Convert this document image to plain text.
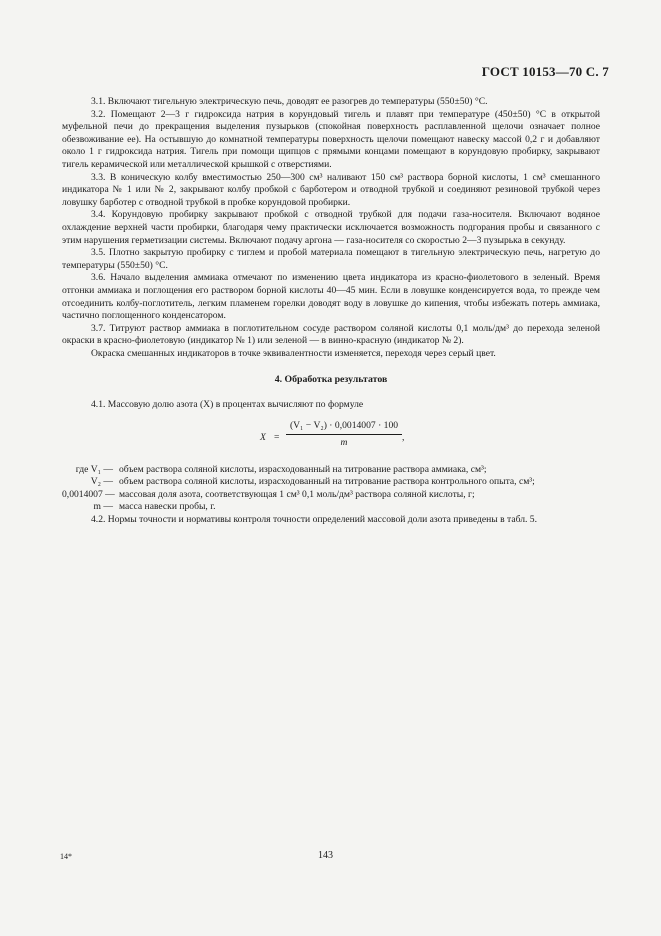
ГОСТ 10153—70 С. 7

3.1. Включают тигельную электрическую печь, доводят ее разогрев до температуры (550±50) °С.

3.2. Помещают 2—3 г гидроксида натрия в корундовый тигель и плавят при температуре (450±50) °С в открытой муфельной печи до прекращения выделения пузырьков (спокойная поверхность расплавленной щелочи означает полное обезвоживание ее). На остывшую до комнатной температуры поверхность щелочи помещают навеску массой 0,2 г и добавляют около 1 г гидроксида натрия. Тигель при помощи щипцов с прямыми концами помещают в корундовую пробирку, закрывают тигель керамической или металлической крышкой с отверстиями.

3.3. В коническую колбу вместимостью 250—300 см³ наливают 150 см³ раствора борной кислоты, 1 см³ смешанного индикатора № 1 или № 2, закрывают колбу пробкой с барботером и отводной трубкой и соединяют резиновой трубкой через ловушку барботер с отводной трубкой в пробке корундовой пробирки.

3.4. Корундовую пробирку закрывают пробкой с отводной трубкой для подачи газа-носителя. Включают водяное охлаждение верхней части пробирки, благодаря чему практически исключается возможность подгорания пробы и связанного с этим нарушения герметизации системы. Включают подачу аргона — газа-носителя со скоростью 2—3 пузырька в секунду.

3.5. Плотно закрытую пробирку с тиглем и пробой материала помещают в тигельную электрическую печь, нагретую до температуры (550±50) °С.

3.6. Начало выделения аммиака отмечают по изменению цвета индикатора из красно-фиолетового в зеленый. Время отгонки аммиака и поглощения его раствором борной кислоты 40—45 мин. Если в ловушке конденсируется вода, то прежде чем отсоединить колбу-поглотитель, легким пламенем горелки доводят воду в ловушке до кипения, чтобы избежать потерь аммиака, частично поглощенного конденсатором.

3.7. Титруют раствор аммиака в поглотительном сосуде раствором соляной кислоты 0,1 моль/дм³ до перехода зеленой окраски в красно-фиолетовую (индикатор № 1) или зеленой — в винно-красную (индикатор № 2).

Окраска смешанных индикаторов в точке эквивалентности изменяется, переходя через серый цвет.

4. Обработка результатов

4.1. Массовую долю азота (X) в процентах вычисляют по формуле

X =
(V₁ − V₂) · 0,0014007 · 100
m
,
где V₁ — объем раствора соляной кислоты, израсходованный на титрование раствора аммиака, см³;
V₂ — объем раствора соляной кислоты, израсходованный на титрование раствора контрольного опыта, см³;
0,0014007 — массовая доля азота, соответствующая 1 см³ 0,1 моль/дм³ раствора соляной кислоты, г;
m — масса навески пробы, г.

4.2. Нормы точности и нормативы контроля точности определений массовой доли азота приведены в табл. 5.

14*	143
